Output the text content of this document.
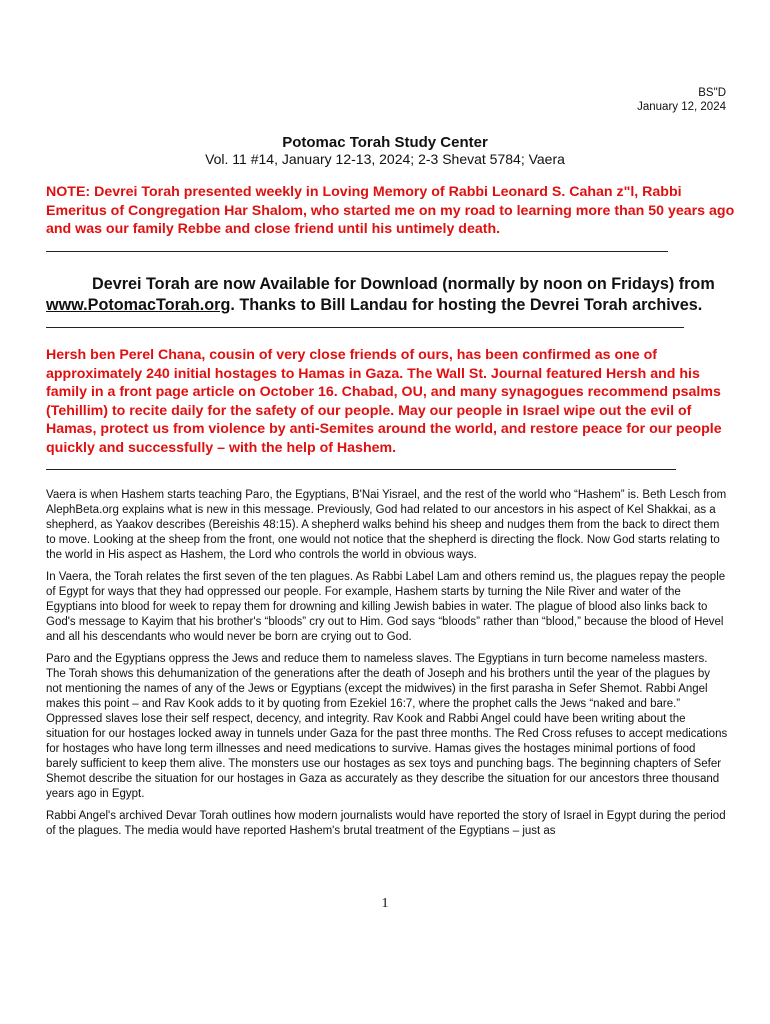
BS"D
January 12, 2024
Potomac Torah Study Center
Vol. 11 #14, January 12-13, 2024; 2-3 Shevat 5784; Vaera
NOTE: Devrei Torah presented weekly in Loving Memory of Rabbi Leonard S. Cahan z"l, Rabbi Emeritus of Congregation Har Shalom, who started me on my road to learning more than 50 years ago and was our family Rebbe and close friend until his untimely death.
Devrei Torah are now Available for Download (normally by noon on Fridays) from www.PotomacTorah.org. Thanks to Bill Landau for hosting the Devrei Torah archives.
Hersh ben Perel Chana, cousin of very close friends of ours, has been confirmed as one of approximately 240 initial hostages to Hamas in Gaza. The Wall St. Journal featured Hersh and his family in a front page article on October 16. Chabad, OU, and many synagogues recommend psalms (Tehillim) to recite daily for the safety of our people. May our people in Israel wipe out the evil of Hamas, protect us from violence by anti-Semites around the world, and restore peace for our people quickly and successfully – with the help of Hashem.

Vaera is when Hashem starts teaching Paro, the Egyptians, B'Nai Yisrael, and the rest of the world who “Hashem” is. Beth Lesch from AlephBeta.org explains what is new in this message. Previously, God had related to our ancestors in his aspect of Kel Shakkai, as a shepherd, as Yaakov describes (Bereishis 48:15). A shepherd walks behind his sheep and nudges them from the back to direct them to move. Looking at the sheep from the front, one would not notice that the shepherd is directing the flock. Now God starts relating to the world in His aspect as Hashem, the Lord who controls the world in obvious ways.

In Vaera, the Torah relates the first seven of the ten plagues. As Rabbi Label Lam and others remind us, the plagues repay the people of Egypt for ways that they had oppressed our people. For example, Hashem starts by turning the Nile River and water of the Egyptians into blood for week to repay them for drowning and killing Jewish babies in water. The plague of blood also links back to God's message to Kayim that his brother's “bloods” cry out to Him. God says “bloods” rather than “blood,” because the blood of Hevel and all his descendants who would never be born are crying out to God.

Paro and the Egyptians oppress the Jews and reduce them to nameless slaves. The Egyptians in turn become nameless masters. The Torah shows this dehumanization of the generations after the death of Joseph and his brothers until the year of the plagues by not mentioning the names of any of the Jews or Egyptians (except the midwives) in the first parasha in Sefer Shemot. Rabbi Angel makes this point – and Rav Kook adds to it by quoting from Ezekiel 16:7, where the prophet calls the Jews “naked and bare.” Oppressed slaves lose their self respect, decency, and integrity. Rav Kook and Rabbi Angel could have been writing about the situation for our hostages locked away in tunnels under Gaza for the past three months. The Red Cross refuses to accept medications for hostages who have long term illnesses and need medications to survive. Hamas gives the hostages minimal portions of food barely sufficient to keep them alive. The monsters use our hostages as sex toys and punching bags. The beginning chapters of Sefer Shemot describe the situation for our hostages in Gaza as accurately as they describe the situation for our ancestors three thousand years ago in Egypt.

Rabbi Angel's archived Devar Torah outlines how modern journalists would have reported the story of Israel in Egypt during the period of the plagues. The media would have reported Hashem's brutal treatment of the Egyptians – just as

1
